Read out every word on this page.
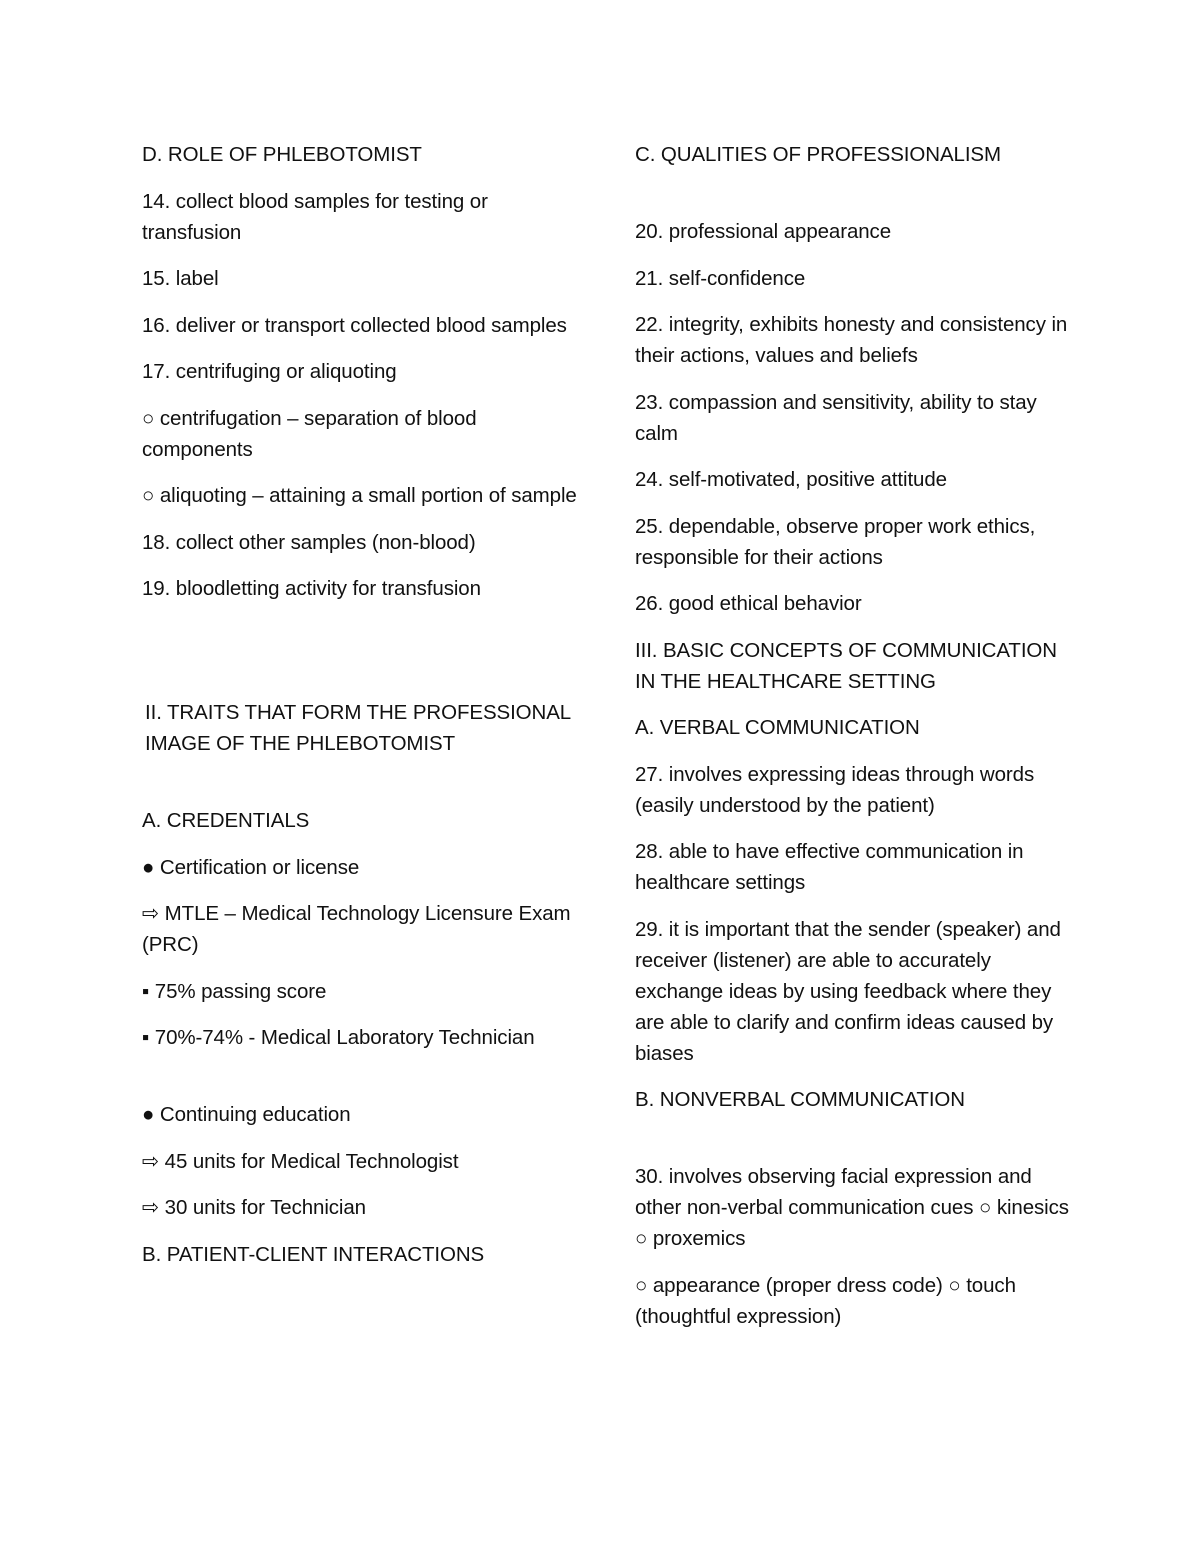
D. ROLE OF PHLEBOTOMIST

14. collect blood samples for testing or transfusion

15. label

16. deliver or transport collected blood samples

17. centrifuging or aliquoting

○ centrifugation – separation of blood components

○ aliquoting – attaining a small portion of sample

18. collect other samples (non-blood)

19. bloodletting activity for transfusion

II. TRAITS THAT FORM THE PROFESSIONAL IMAGE OF THE PHLEBOTOMIST

A. CREDENTIALS

● Certification or license

⇨ MTLE – Medical Technology Licensure Exam (PRC)

▪ 75% passing score

▪ 70%-74% - Medical Laboratory Technician

● Continuing education

⇨ 45 units for Medical Technologist

⇨ 30 units for Technician

B. PATIENT-CLIENT INTERACTIONS

C. QUALITIES OF PROFESSIONALISM

20. professional appearance

21. self-confidence

22. integrity, exhibits honesty and consistency in their actions, values and beliefs

23. compassion and sensitivity, ability to stay calm

24. self-motivated, positive attitude

25. dependable, observe proper work ethics, responsible for their actions

26. good ethical behavior

III. BASIC CONCEPTS OF COMMUNICATION IN THE HEALTHCARE SETTING

A. VERBAL COMMUNICATION

27. involves expressing ideas through words (easily understood by the patient)

28. able to have effective communication in healthcare settings

29. it is important that the sender (speaker) and receiver (listener) are able to accurately exchange ideas by using feedback where they are able to clarify and confirm ideas caused by biases

B. NONVERBAL COMMUNICATION

30. involves observing facial expression and other non-verbal communication cues ○ kinesics ○ proxemics

○ appearance (proper dress code) ○ touch (thoughtful expression)
